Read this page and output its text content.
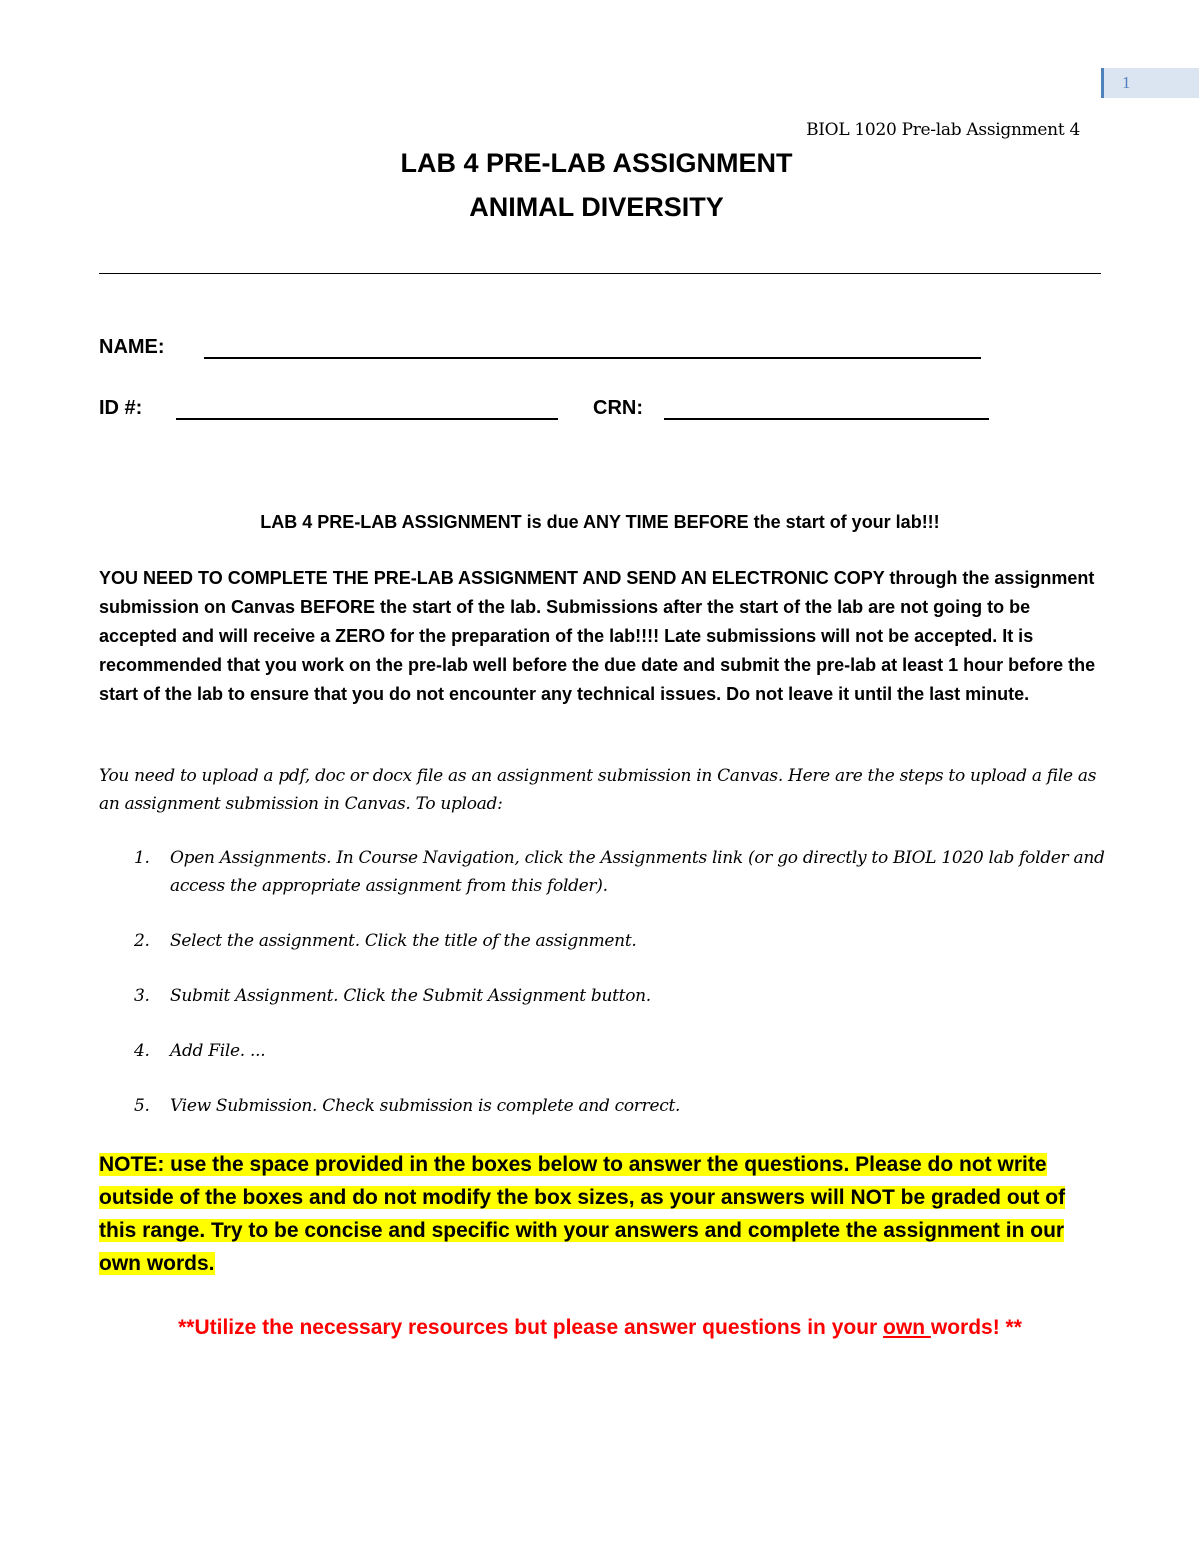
1
BIOL 1020 Pre-lab Assignment 4
LAB 4 PRE-LAB ASSIGNMENT
ANIMAL DIVERSITY
NAME:
ID #:	CRN:
LAB 4 PRE-LAB ASSIGNMENT is due ANY TIME BEFORE the start of your lab!!!
YOU NEED TO COMPLETE THE PRE-LAB ASSIGNMENT AND SEND AN ELECTRONIC COPY through the assignment submission on Canvas BEFORE the start of the lab. Submissions after the start of the lab are not going to be accepted and will receive a ZERO for the preparation of the lab!!!! Late submissions will not be accepted. It is recommended that you work on the pre-lab well before the due date and submit the pre-lab at least 1 hour before the start of the lab to ensure that you do not encounter any technical issues. Do not leave it until the last minute.
You need to upload a pdf, doc or docx file as an assignment submission in Canvas. Here are the steps to upload a file as an assignment submission in Canvas. To upload:
1.	Open Assignments. In Course Navigation, click the Assignments link (or go directly to BIOL 1020 lab folder and access the appropriate assignment from this folder).
2.	Select the assignment. Click the title of the assignment.
3.	Submit Assignment. Click the Submit Assignment button.
4.	Add File. ...
5.	View Submission. Check submission is complete and correct.
NOTE: use the space provided in the boxes below to answer the questions. Please do not write outside of the boxes and do not modify the box sizes, as your answers will NOT be graded out of this range. Try to be concise and specific with your answers and complete the assignment in our own words.
**Utilize the necessary resources but please answer questions in your own words! **
